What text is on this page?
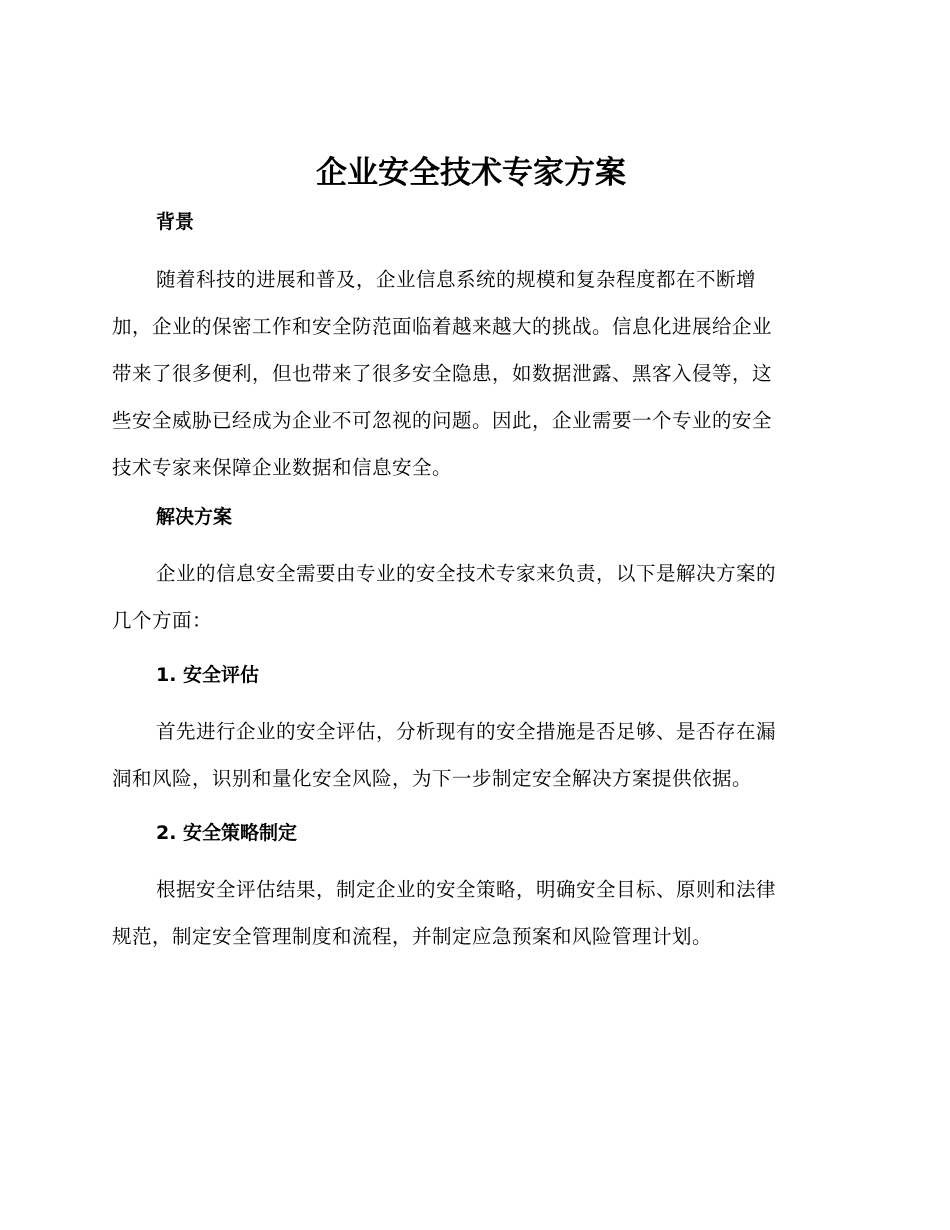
企业安全技术专家方案
背景
随着科技的进展和普及，企业信息系统的规模和复杂程度都在不断增
加，企业的保密工作和安全防范面临着越来越大的挑战。信息化进展给企业
带来了很多便利，但也带来了很多安全隐患，如数据泄露、黑客入侵等，这
些安全威胁已经成为企业不可忽视的问题。因此，企业需要一个专业的安全
技术专家来保障企业数据和信息安全。
解决方案
企业的信息安全需要由专业的安全技术专家来负责，以下是解决方案的
几个方面：
1. 安全评估
首先进行企业的安全评估，分析现有的安全措施是否足够、是否存在漏
洞和风险，识别和量化安全风险，为下一步制定安全解决方案提供依据。
2. 安全策略制定
根据安全评估结果，制定企业的安全策略，明确安全目标、原则和法律
规范，制定安全管理制度和流程，并制定应急预案和风险管理计划。
